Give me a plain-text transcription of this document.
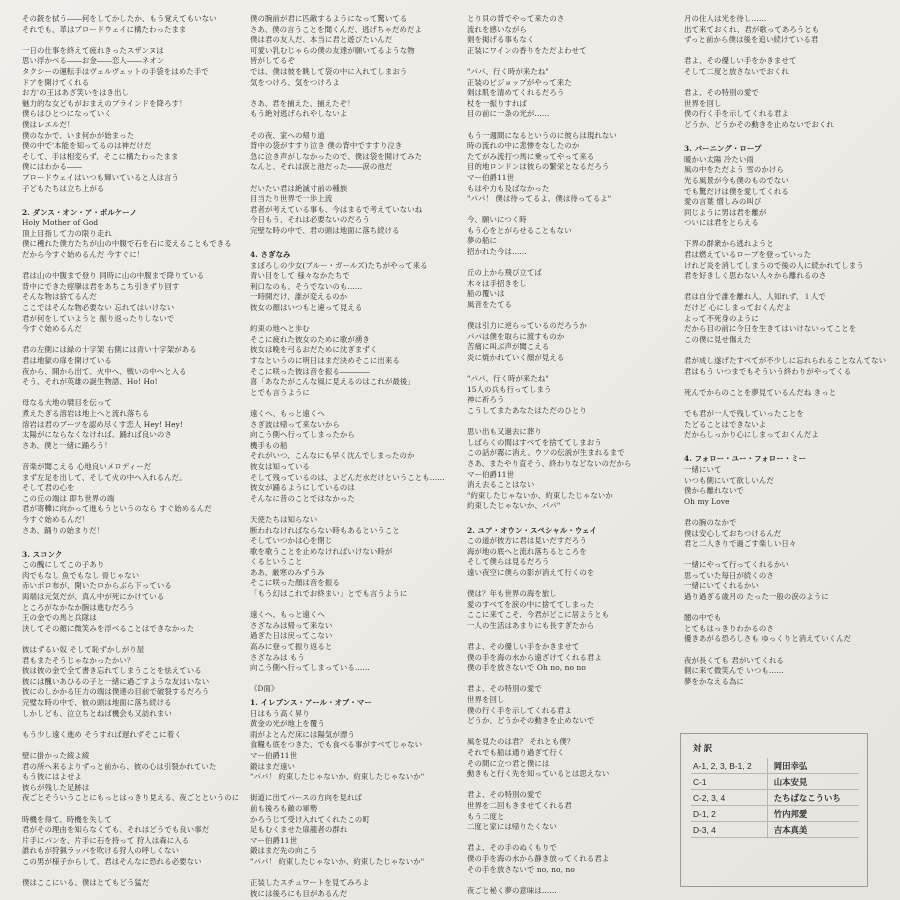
その銃を拭う――何をしてかしたか、もう覚えてもいない
それでも、革はブロードウェイに構たわったまま
一日の仕事を終えて疲れきったスザンヌは
思い浮かべる――お金――恋人――ネオン
タクシーの運転手はヴェルヴェットの手袋をはめた手で
ドアを開けてくれる
お方'の王はあざ笑いをはき出し
魅力的な女どもがおまえのブラインドを降ろす！
僕らはひとつになっていく
僕はレエルだ！
僕のなかで、いま何かが始まった
僕の中で'本能を知ってるのは神だけだ
そして、手は相変らず、そこに構たわったまま
僕にはわかる――
ブロードウェイはいつも輝いていると人は言う
子どもたちは立ち上がる
2. ダンス・オン・ア・ボルケーノ
Holy Mother of God
頂上目指して力の限り走れ
僕に穫れた僕方たちが山の中腹で石を石に変えることもできる
だから今すぐ始めるんだ 今すぐに！
君は山の中腹まで登り 同時に山の中腹まで降りている
背中にできた痙攣は君をあちこち引きずり回す
そんな物は捨てるんだ
ここではそんな物必要ない 忘れてはいけない
君が何をしていようと 振り返ったりしないで
今すぐ始めるんだ
君の左側には緑の十字架 右側には青い十字架がある
君は地獄の扉を開けている
夜から、開から出て、火中へ、戦いの中へと入る
そう、それが英雄の誕生物語、Ho! Ho!
母なる大地の襞目を伝って
煮えたぎる溶岩は地上へと流れ落ちる
溶岩は君のブーツを認め尽くす恋人 Hey! Hey!
太陽がにならなくなければ、踊れば良いのさ
さあ、僕と一緒に踊ろう！
音楽が聞こえる 心地良いメロディーだ
まず左足を出して、そして火の中へ入れるんだ。
そして君の心を
この丘の端は 即ち世界の端
君が寄轢に向かって進もうというのなら すぐ始めるんだ
今すぐ始めるんだ！
さあ、踊りの始まりだ！
3. スコンク
この醜にしてこの子あり
肉でもなし 魚でもなし 骨じゃない
赤いボロ布が、開いたロからぶら下っている
両端は元気だが、真ん中が死にかけている
ところがなかなか腕は進むだろう
王の金での馬と兵隊は
決してその顔に微笑みを浮べることはできなかった
彼はずるい奴 そして恥ずかしがり屋
君もまたそうじゃなかったかい？
彼は彼の金で全て書き忘れてしまうことを怯えている
彼には醜いあひるの子と一緒に過ごすような友はいない
彼にのしかかる圧力の端は僕達の目前で破裂するだろう
完璧な時の中で、彼の頭は地面に落ち続ける
しかしども、泣立ちとねば機会も又訪れまい
もう少し遠く進め そうすれば遅れずそこに着く
壁に掛かった綾よ綾
君の所へ来るよりずっと前から、彼の心は引裂かれていた
もう彼にはよせよ
彼らが残した足跡は
夜ごとそういうことにもっとはっきり見える、夜ごとというのに
時機を得て、時機を失して
君がその理由を知らなくても、それはどうでも良い事だ
片手にパンを、片手に石を持って 狩人は森に入る
誰れもが狩猟ラッパを吹ける狩人の呼しくない
この男が様子からして、君はそんなに恐れる必要ない
僕はここにいる、僕はとてもどう猛だ
僕の腕前が君に匹敵するようになって驚いてる
さあ、僕の言うことを聞くんだ、逃げちゃだめだよ
僕は君の友人だ、本当に君と遊びたいんだ
可愛い乳むじゃらの僕の友達が願いてるような物
皆がしてるぞ
では、僕は彼を眺して袋の中に入れてしまおう
気をつけろ、気をつけろよ
さあ、君を捕えた、捕えたぞ！
もう絶対逃げられやしないよ
その夜、家への帰り道
背中の袋がすすり泣き 僕の背中ですすり泣き
急に泣き声がしなかったので、僕は袋を開けてみた
なんと、それは涙と池だった――涙の池だ
だいたい君は絶滅寸前の種族
目当たり世界で一歩上流
君者が考えている事も、今はまるで考えていないね
今日もう、それは必要ないのだろう
完壁な時の中で、君の頭は地面に落ち続ける
4. さぎなみ
まぼろしの少女(ブルー・ガールズ)たちがやって来る
青い目をして 様々なかたちで
利口なのも、そうでないのも……
一時開だけ、誰が変えるのか
彼女の顔はいつもと違って見える
約束の地へと歩む
そこに疲れた彼女のために歌が湧き
彼女は晩を弓るおだために沈ぎまずく
すなというのに明日はまだ決めそこに出来る
そこに咲った彼は音を振る――――
喜「あなたがこんな風に見えるのはこれが最後」
とでも言うように
遠くへ、もっと遠くへ
さぎ波は帰って来ないから
向こう側へ行ってしまったから
機手もの船
それがいつ、こんなにも早く沈んでしまったのか
彼女は知っている
そして残っているのは、よどんだ水だけということも……
彼女が踊るようにしているのは
そんなに昔のことではなかった
天使たちは知らない
断われなければならない時もあるということ
そしていつかは心を閉じ
歌を歌うことを止めなければいけない時が
くるということ
ああ、厳寒のみずうみ
そこに咲った顔は音を振る
「もう幻はこれでお終まい」とでも言うように
遠くへ、もっと遠くへ
さざなみは帰って来ない
過ぎた日は戻ってこない
高みに登って振り返ると
さざなみは もう
向こう側へ行ってしまっている……
《D面》
1. イレブンス・アール・オブ・マー
日はもう高く昇り
黄金の光が地上を覆う
雨がよとんだ床には陽気が漂う
食糧も底をつきた、でも食べる事がすべてじゃない
マー伯爵11世
鍛はまだ遠い
"パパ！ 約束したじゃないか、約束したじゃないか"
街道に出てパースの方向を見れば
前も後ろも敵の軍勢
かろうじて受け入れてくれたこの町
足もむくませた扉龍者の群れ
マー伯爵11世
鍛はまだ先の向こう
"パパ！ 約束したじゃないか、約束したじゃないか"
正装したスチュワートを見てみろよ
彼には後ろにも目があるんだ
とり貝の背でやって来たのさ
流れを感いながら
剣を掲げる事もなく
正装にワインの香りをただよわせて
"パパ、行く時が来たね"
正装のビジョップがやって来た
剣は肌を清めてくれるだろう
杖を一振りすれば
目の前に一条の光が……
もう一週間になるというのに彼らは現れない
時の流れの中に悲惨をなしたのか
たてがみ流打つ馬に乗ってやって来る
目的地ロンドンは彼らの繁栄となるだろう
マー伯爵11世
もはや力も及ばなかった
"パパ！ 僕は待ってるよ、僕は待ってるよ"
今、願いにつく時
もう心をとがらせることもない
夢の船に
招かれた今は……
丘の上から飛び立てば
木々は手招きをし
船の覆いは
風音をたてる
僕は引力に逆らっているのだろうか
パパは僕を取らに渡すものか
苦痛に叫ぶ声が聞こえる
炎に焼かれていく顔が見える
"パパ、行く時が来たね"
15人の兵も行ってしまう
神に祈ろう
こうしてまたあなたはただのひとり
思い出も又過去に葬り
しばらくの間はすべてを捨ててしまおう
この話が霧に消え、ウソの伝説が生まれるまで
さあ、またやり直そう、終わりなどないのだから
マー伯爵11世
消え去ることはない
"約束したじゃないか、約束したじゃないか
約束したじゃないか、パパ"
2. ユア・オウン・スペシャル・ウェイ
この道が彼方に君は見いだすだろう
海が地の底へと流れ落ちるところを
そして僕らは見るだろう
遠い夜空に僕らの影が消えて行くのを
僕は？年も世界の海を旅し
愛のすべてを涙の中に捨ててしまった
ここに来てこそ、今君がどこに居ようとも
一人の生活はあまりにも長すぎたから
君よ、その優しい手をかきませて
僕の手を海の水から遠ざけてくれる君よ
僕の手を放さないで Oh no, no no
君よ、その特別の愛で
世界を回し
僕の行く手を示してくれる君よ
どうか、どうかその動きを止めないで
風を見たのは君？ それとも僕？
それでも船は通り過ぎて行く
その間に立つ君と僕には
動きもと行く先を知っているとは思えない
君よ、その特別の愛で
世界を二回もきませてくれる君
もう二度と
二度と家には帰りたくない
君よ、その手のぬくもりで
僕の手を海の水から静き放ってくれる君よ
その手を放さないで no, no, no
夜ごと秘く夢の意味は……
月の住人は光を待し……
出て来ておくれ、君が歌ってあろうとも
ずっと前から僕は後を追い続けている君
君よ、その優しい手をかきませて
そして二度と放さないでおくれ
君よ、その特別の愛で
世界を回し
僕の行く手を示してくれる君よ
どうか、どうかその動きを止めないでおくれ
3. バーニング・ロープ
暖かい太陽 冷たい雨
風の中をただよう 雪のかけら
光る風景が今も僕のものでない
でも驚だけは僕を愛してくれる
愛の言葉 憎しみの叫び
同じように男は君を離が
ついには君をとらえる
下界の群衆から逃れようと
君は燃えているロープを登っていった
けれど炎を消してしまうので後の人に続かれてしまう
君を好きしく思わない人々から離れるのさ
君は自分で誰を離れ人、人知れず、１人で
だけど 心にしまっておくんだよ
よって不死身のように
だから目の前に今日を生きてはいけないってことを
この僕に見せ傷えた
君が成し遂げたすべてが不少しに忘れられることなんてない
君はもう いつまでもそういう終わりがやってくる
死んでからのことを夢見ているんだね きっと
でも君が一人で残していったことを
たどることはできないよ
だからしっかり心にしまっておくんだよ
4. フォロー・ユー・フォロー・ミー
一緒にいて
いつも側にいて欲しいんだ
僕から離れないで
Oh my Love
君の腕のなかで
僕は安心しておちつけるんだ
君と二人きりで過ごす楽しい日々
一緒にやって行ってくれるかい
思っていた毎日が続くのさ
一緒にいてくれるかい
過り過ぎる歳月の たった一般の涙のように
闇の中でも
とてもはっきりわかるのさ
優きあがる恐ろしさも ゆっくりと消えていくんだ
夜が長くても 君がいてくれる
側に来て微笑んで いつも……
夢をかなえる為に
対 訳
A-1, 2, 3, B-1, 2	岡田幸弘
C-1	山本安見
C-2, 3, 4	たちばなこういち
D-1, 2	竹内邦愛
D-3, 4	吉本真美
